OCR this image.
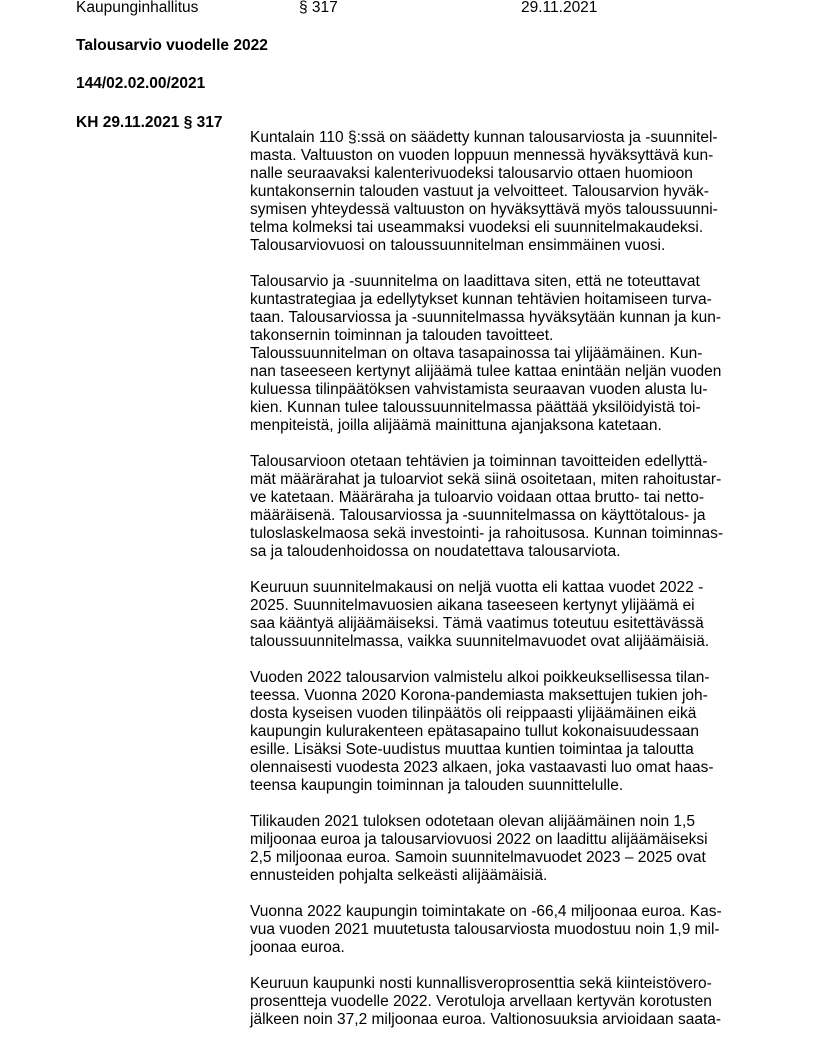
Kaupunginhallitus	§ 317	29.11.2021
Talousarvio vuodelle 2022
144/02.02.00/2021
KH 29.11.2021 § 317
Kuntalain 110 §:ssä on säädetty kunnan talousarviosta ja -suunnitel-
masta. Valtuuston on vuoden loppuun mennessä hyväksyttävä kun-
nalle seuraavaksi kalenterivuodeksi talousarvio ottaen huomioon
kuntakonsernin talouden vastuut ja velvoitteet. Talousarvion hyväk-
symisen yhteydessä valtuuston on hyväksyttävä myös taloussuunni-
telma kolmeksi tai useammaksi vuodeksi eli suunnitelmakaudeksi.
Talousarviovuosi on taloussuunnitelman ensimmäinen vuosi.
Talousarvio ja -suunnitelma on laadittava siten, että ne toteuttavat
kuntastrategiaa ja edellytykset kunnan tehtävien hoitamiseen turva-
taan. Talousarviossa ja -suunnitelmassa hyväksytään kunnan ja kun-
takonsernin toiminnan ja talouden tavoitteet.
Taloussuunnitelman on oltava tasapainossa tai ylijäämäinen. Kun-
nan taseeseen kertynyt alijäämä tulee kattaa enintään neljän vuoden
kuluessa tilinpäätöksen vahvistamista seuraavan vuoden alusta lu-
kien. Kunnan tulee taloussuunnitelmassa päättää yksilöidyistä toi-
menpiteistä, joilla alijäämä mainittuna ajanjaksona katetaan.
Talousarvioon otetaan tehtävien ja toiminnan tavoitteiden edellyttä-
mät määrärahat ja tuloarviot sekä siinä osoitetaan, miten rahoitustar-
ve katetaan. Määräraha ja tuloarvio voidaan ottaa brutto- tai netto-
määräisenä. Talousarviossa ja -suunnitelmassa on käyttötalous- ja
tuloslaskelmaosa sekä investointi- ja rahoitusosa. Kunnan toiminnas-
sa ja taloudenhoidossa on noudatettava talousarviota.
Keuruun suunnitelmakausi on neljä vuotta eli kattaa vuodet 2022 -
2025. Suunnitelmavuosien aikana taseeseen kertynyt ylijäämä ei
saa kääntyä alijäämäiseksi. Tämä vaatimus toteutuu esitettävässä
taloussuunnitelmassa, vaikka suunnitelmavuodet ovat alijäämäisiä.
Vuoden 2022 talousarvion valmistelu alkoi poikkeuksellisessa tilan-
teessa. Vuonna 2020 Korona-pandemiasta maksettujen tukien joh-
dosta kyseisen vuoden tilinpäätös oli reippaasti ylijäämäinen eikä
kaupungin kulurakenteen epätasapaino tullut kokonaisuudessaan
esille. Lisäksi Sote-uudistus muuttaa kuntien toimintaa ja taloutta
olennaisesti vuodesta 2023 alkaen, joka vastaavasti luo omat haas-
teensa kaupungin toiminnan ja talouden suunnittelulle.
Tilikauden 2021 tuloksen odotetaan olevan alijäämäinen noin 1,5
miljoonaa euroa ja talousarviovuosi 2022 on laadittu alijäämäiseksi
2,5 miljoonaa euroa. Samoin suunnitelmavuodet 2023 – 2025 ovat
ennusteiden pohjalta selkeästi alijäämäisiä.
Vuonna 2022 kaupungin toimintakate on -66,4 miljoonaa euroa. Kas-
vua vuoden 2021 muutetusta talousarviosta muodostuu noin 1,9 mil-
joonaa euroa.
Keuruun kaupunki nosti kunnallisveroprosenttia sekä kiinteistövero-
prosentteja vuodelle 2022. Verotuloja arvellaan kertyvän korotusten
jälkeen noin 37,2 miljoonaa euroa. Valtionosuuksia arvioidaan saata-
